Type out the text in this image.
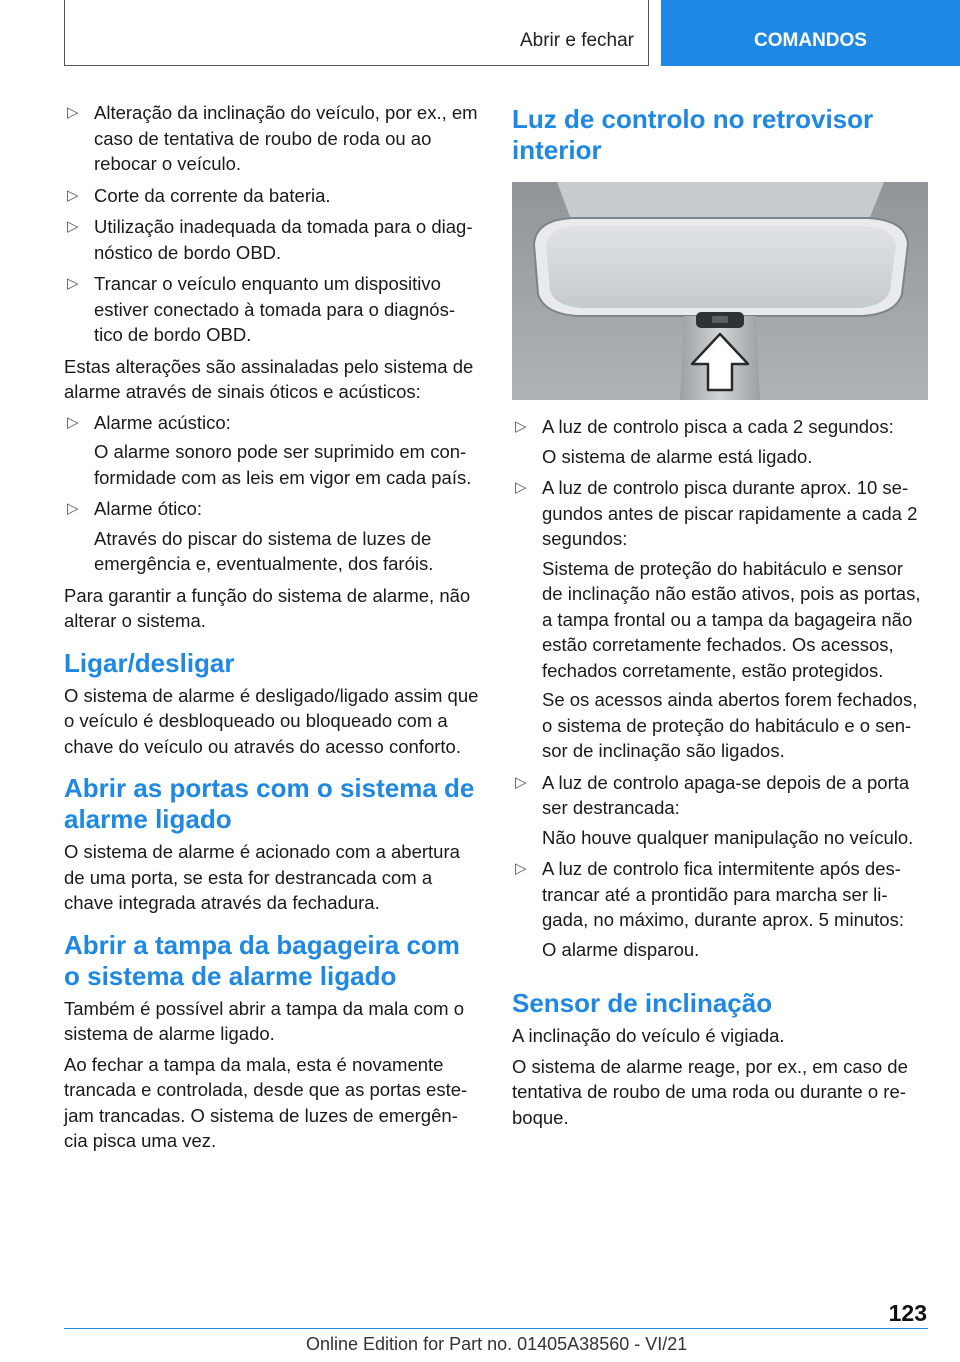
Abrir e fechar	COMANDOS
▷ Alteração da inclinação do veículo, por ex., em caso de tentativa de roubo de roda ou ao rebocar o veículo.
▷ Corte da corrente da bateria.
▷ Utilização inadequada da tomada para o diag-nóstico de bordo OBD.
▷ Trancar o veículo enquanto um dispositivo estiver conectado à tomada para o diagnós-tico de bordo OBD.

Estas alterações são assinaladas pelo sistema de alarme através de sinais óticos e acústicos:

▷ Alarme acústico:
O alarme sonoro pode ser suprimido em con-formidade com as leis em vigor em cada país.
▷ Alarme ótico:
Através do piscar do sistema de luzes de emergência e, eventualmente, dos faróis.

Para garantir a função do sistema de alarme, não alterar o sistema.

Ligar/desligar

O sistema de alarme é desligado/ligado assim que o veículo é desbloqueado ou bloqueado com a chave do veículo ou através do acesso conforto.

Abrir as portas com o sistema de alarme ligado

O sistema de alarme é acionado com a abertura de uma porta, se esta for destrancada com a chave integrada através da fechadura.

Abrir a tampa da bagageira com o sistema de alarme ligado

Também é possível abrir a tampa da mala com o sistema de alarme ligado.

Ao fechar a tampa da mala, esta é novamente trancada e controlada, desde que as portas este-jam trancadas. O sistema de luzes de emergên-cia pisca uma vez.

Luz de controlo no retrovisor interior
▷ A luz de controlo pisca a cada 2 segundos:
O sistema de alarme está ligado.
▷ A luz de controlo pisca durante aprox. 10 se-gundos antes de piscar rapidamente a cada 2 segundos:
Sistema de proteção do habitáculo e sensor de inclinação não estão ativos, pois as portas, a tampa frontal ou a tampa da bagageira não estão corretamente fechados. Os acessos, fechados corretamente, estão protegidos.
Se os acessos ainda abertos forem fechados, o sistema de proteção do habitáculo e o sen-sor de inclinação são ligados.
▷ A luz de controlo apaga-se depois de a porta ser destrancada:
Não houve qualquer manipulação no veículo.
▷ A luz de controlo fica intermitente após des-trancar até a prontidão para marcha ser li-gada, no máximo, durante aprox. 5 minutos:
O alarme disparou.
Sensor de inclinação

A inclinação do veículo é vigiada.

O sistema de alarme reage, por ex., em caso de tentativa de roubo de uma roda ou durante o re-boque.

123
Online Edition for Part no. 01405A38560 - VI/21
